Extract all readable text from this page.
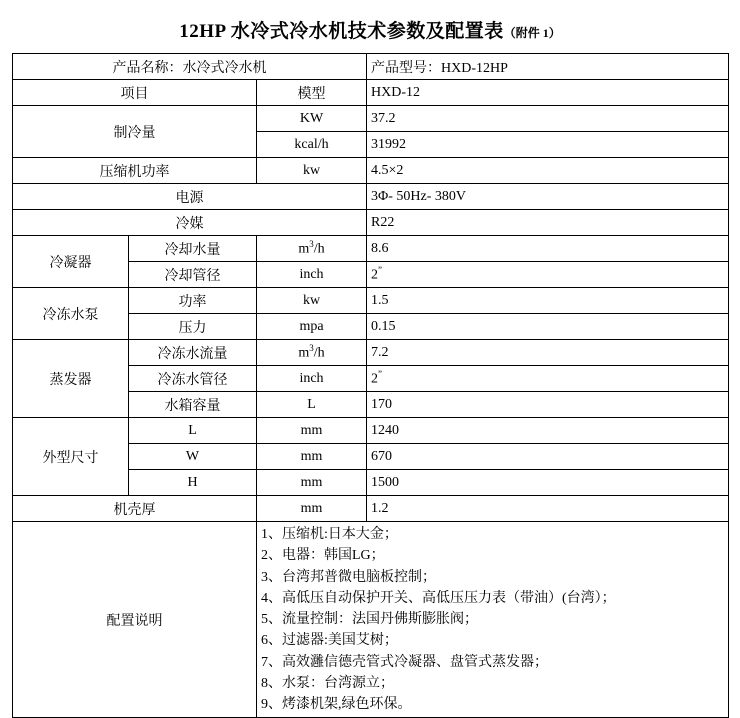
12HP 水冷式冷水机技术参数及配置表（附件 1）
产品名称：水冷式冷水机			产品型号：HXD-12HP
项目		模型	HXD-12
制冷量		KW	37.2
		kcal/h	31992
压缩机功率		kw	4.5×2
电源			3Φ- 50Hz- 380V
冷媒			R22
冷凝器	冷却水量	$m^3/h$	8.6
	冷却管径	inch	2”
冷冻水泵	功率	kw	1.5
	压力	mpa	0.15
蒸发器	冷冻水流量	$m^3/h$	7.2
	冷冻水管径	inch	2”
	水箱容量	L	170
外型尺寸	L	mm	1240
	W	mm	670
	H	mm	1500
机壳厚		mm	1.2
配置说明	
1、压缩机:日本大金；
2、电器：韩国LG；
3、台湾邦普微电脑板控制；
4、高低压自动保护开关、高低压压力表（带油）(台湾）；
5、流量控制：法国丹佛斯膨胀阀；
6、过滤器:美国艾树；
7、高效灉信德壳管式冷凝器、盘管式蒸发器；
8、水泵：台湾源立；
9、烤漆机架,绿色环保。
